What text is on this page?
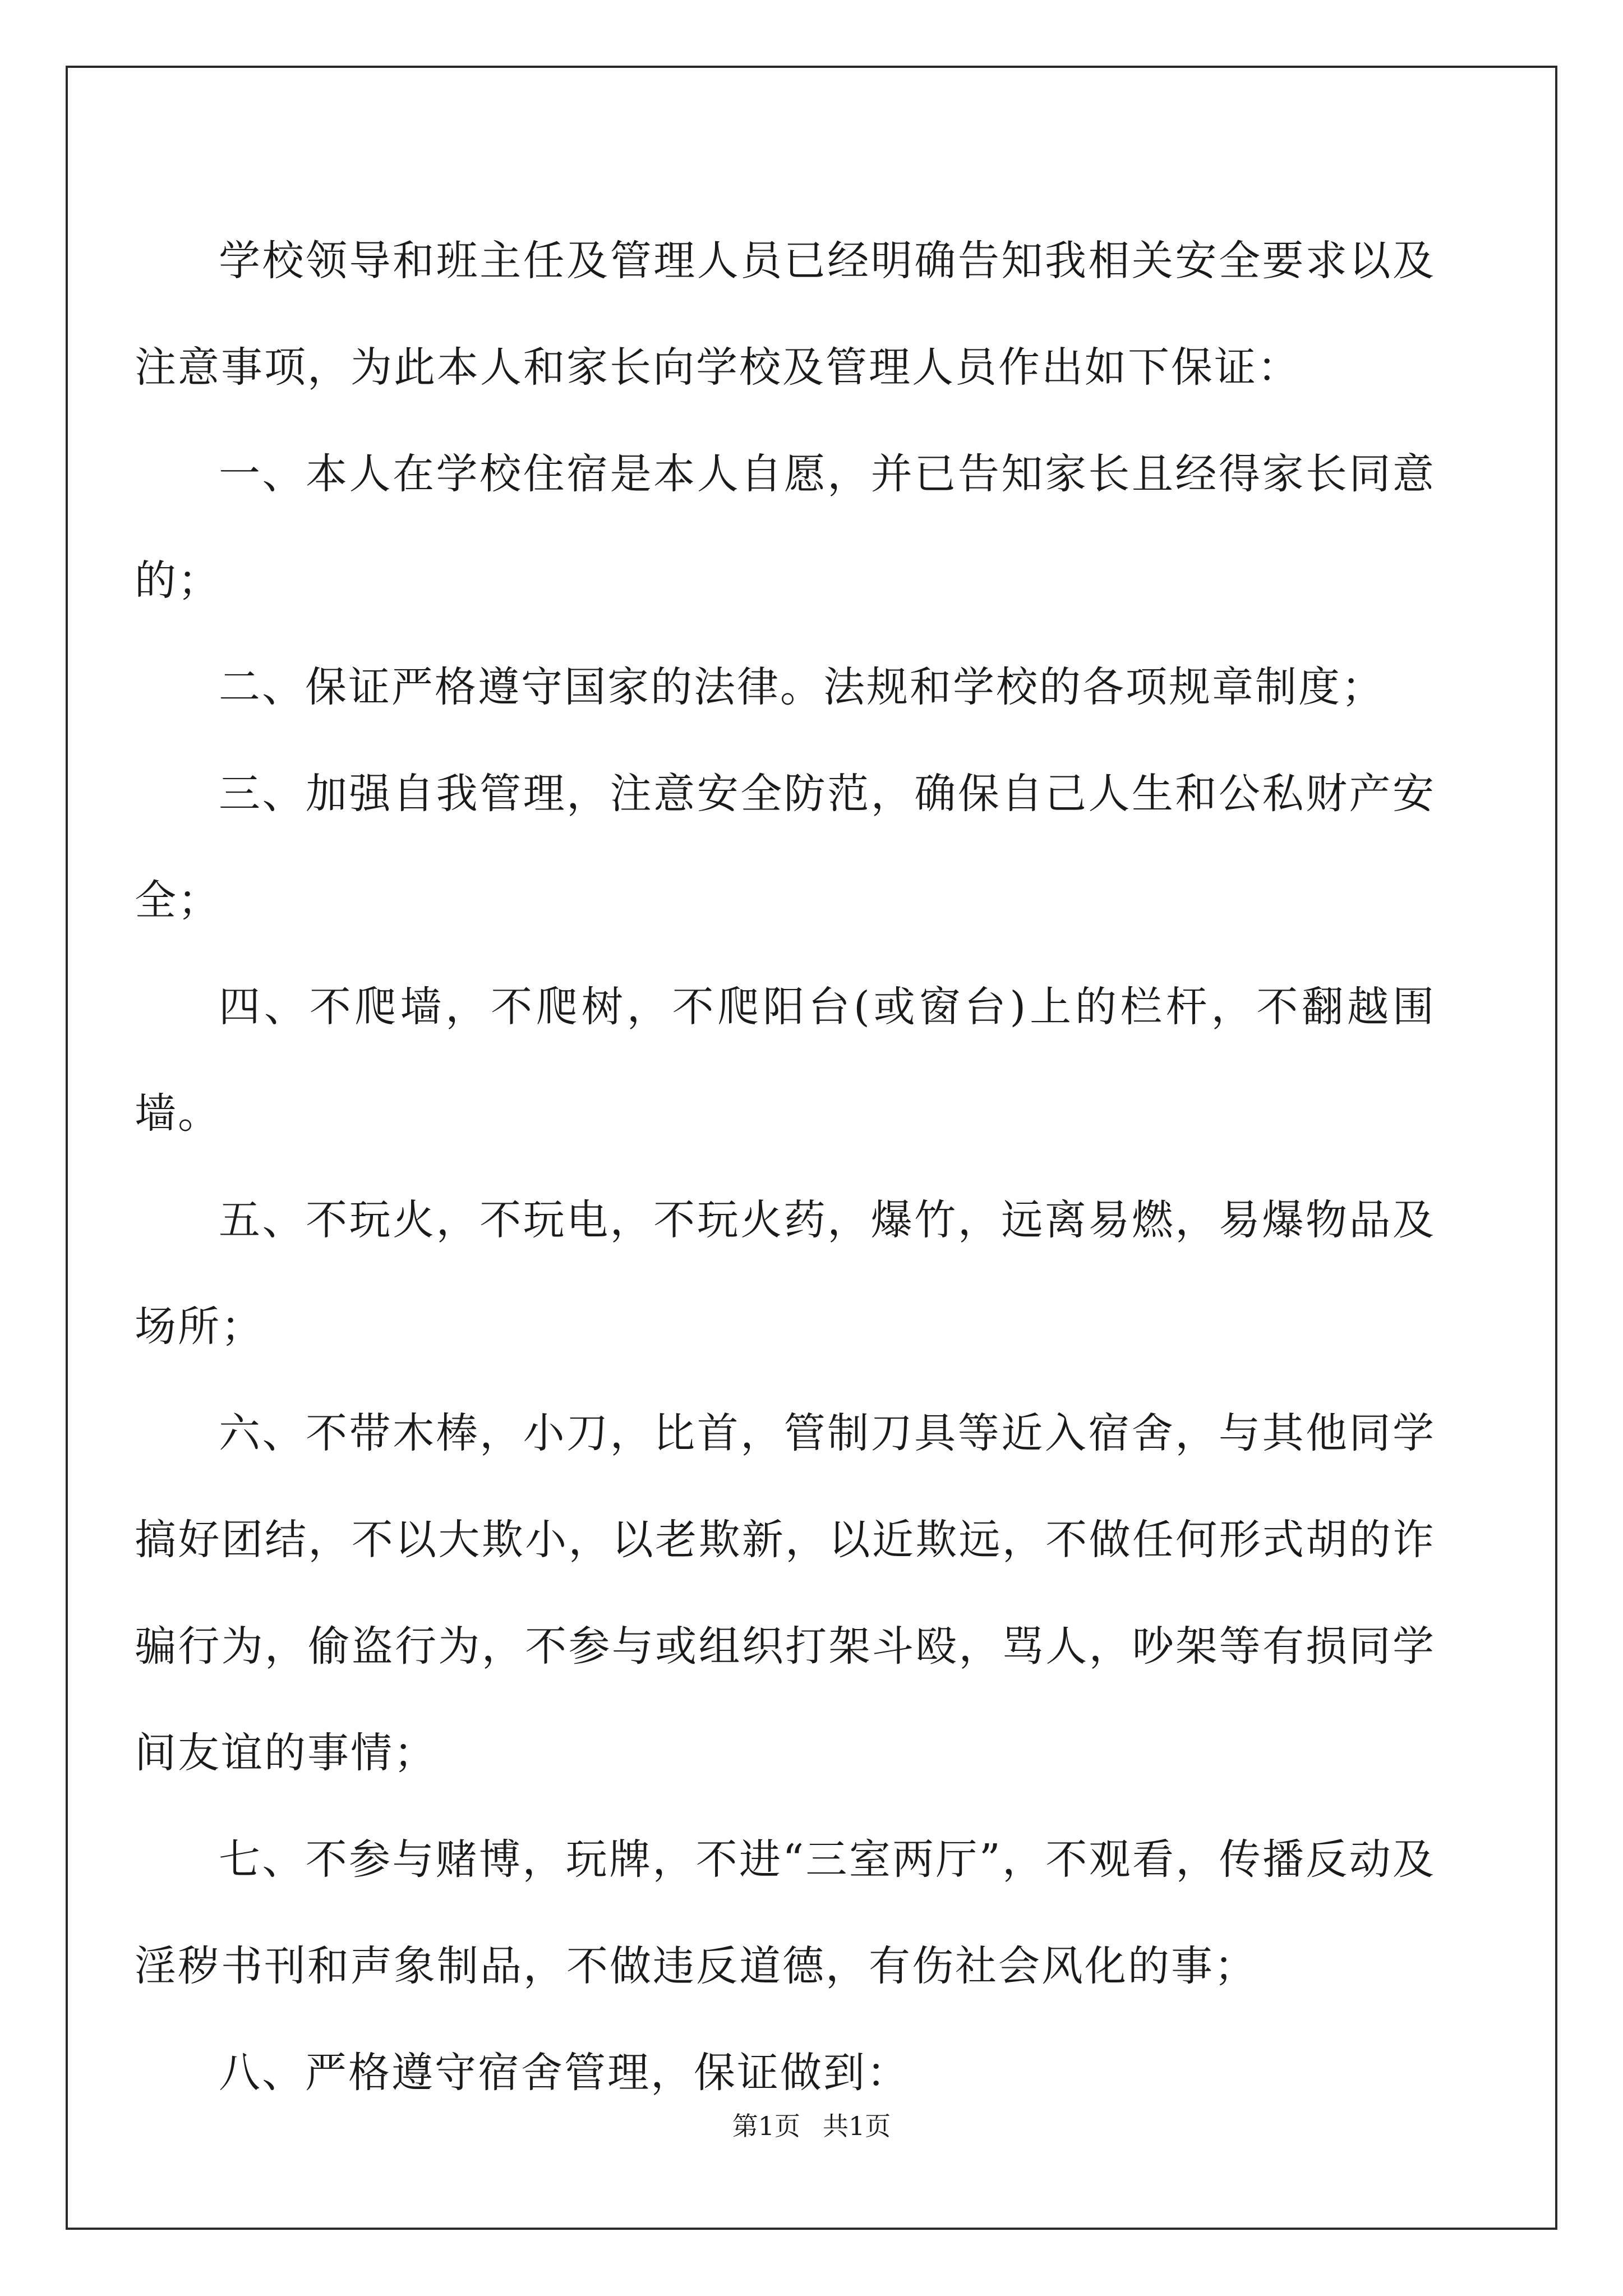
学校领导和班主任及管理人员已经明确告知我相关安全要求以及注意事项，为此本人和家长向学校及管理人员作出如下保证：

一、本人在学校住宿是本人自愿，并已告知家长且经得家长同意的；

二、保证严格遵守国家的法律。法规和学校的各项规章制度；

三、加强自我管理，注意安全防范，确保自己人生和公私财产安全；

四、不爬墙，不爬树，不爬阳台(或窗台)上的栏杆，不翻越围墙。

五、不玩火，不玩电，不玩火药，爆竹，远离易燃，易爆物品及场所；

六、不带木棒，小刀，比首，管制刀具等近入宿舍，与其他同学搞好团结，不以大欺小，以老欺新，以近欺远，不做任何形式胡的诈骗行为，偷盗行为，不参与或组织打架斗殴，骂人，吵架等有损同学间友谊的事情；

七、不参与赌博，玩牌，不进“三室两厅”，不观看，传播反动及淫秽书刊和声象制品，不做违反道德，有伤社会风化的事；

八、严格遵守宿舍管理，保证做到：

第1页 共1页
